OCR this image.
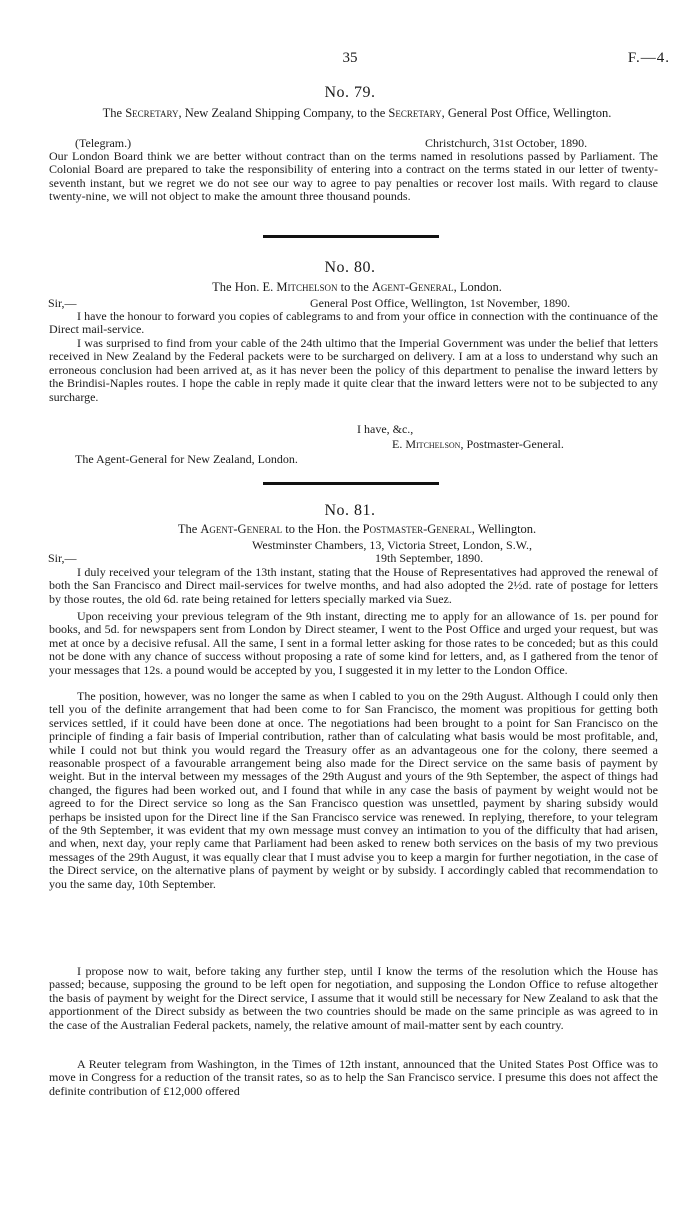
35	F.—4.
No. 79.
The Secretary, New Zealand Shipping Company, to the Secretary, General Post Office, Wellington.
(Telegram.)	Christchurch, 31st October, 1890.
Our London Board think we are better without contract than on the terms named in resolutions passed by Parliament. The Colonial Board are prepared to take the responsibility of entering into a contract on the terms stated in our letter of twenty-seventh instant, but we regret we do not see our way to agree to pay penalties or recover lost mails. With regard to clause twenty-nine, we will not object to make the amount three thousand pounds.
No. 80.
The Hon. E. Mitchelson to the Agent-General, London.
Sir,—	General Post Office, Wellington, 1st November, 1890.
I have the honour to forward you copies of cablegrams to and from your office in connection with the continuance of the Direct mail-service.
I was surprised to find from your cable of the 24th ultimo that the Imperial Government was under the belief that letters received in New Zealand by the Federal packets were to be surcharged on delivery. I am at a loss to understand why such an erroneous conclusion had been arrived at, as it has never been the policy of this department to penalise the inward letters by the Brindisi-Naples routes. I hope the cable in reply made it quite clear that the inward letters were not to be subjected to any surcharge.
I have, &c.,
E. Mitchelson, Postmaster-General.
The Agent-General for New Zealand, London.
No. 81.
The Agent-General to the Hon. the Postmaster-General, Wellington.
Westminster Chambers, 13, Victoria Street, London, S.W.,
19th September, 1890.
Sir,—
I duly received your telegram of the 13th instant, stating that the House of Representatives had approved the renewal of both the San Francisco and Direct mail-services for twelve months, and had also adopted the 2½d. rate of postage for letters by those routes, the old 6d. rate being retained for letters specially marked via Suez.
Upon receiving your previous telegram of the 9th instant, directing me to apply for an allowance of 1s. per pound for books, and 5d. for newspapers sent from London by Direct steamer, I went to the Post Office and urged your request, but was met at once by a decisive refusal. All the same, I sent in a formal letter asking for those rates to be conceded; but as this could not be done with any chance of success without proposing a rate of some kind for letters, and, as I gathered from the tenor of your messages that 12s. a pound would be accepted by you, I suggested it in my letter to the London Office.
The position, however, was no longer the same as when I cabled to you on the 29th August. Although I could only then tell you of the definite arrangement that had been come to for San Francisco, the moment was propitious for getting both services settled, if it could have been done at once. The negotiations had been brought to a point for San Francisco on the principle of finding a fair basis of Imperial contribution, rather than of calculating what basis would be most profitable, and, while I could not but think you would regard the Treasury offer as an advantageous one for the colony, there seemed a reasonable prospect of a favourable arrangement being also made for the Direct service on the same basis of payment by weight. But in the interval between my messages of the 29th August and yours of the 9th September, the aspect of things had changed, the figures had been worked out, and I found that while in any case the basis of payment by weight would not be agreed to for the Direct service so long as the San Francisco question was unsettled, payment by sharing subsidy would perhaps be insisted upon for the Direct line if the San Francisco service was renewed. In replying, therefore, to your telegram of the 9th September, it was evident that my own message must convey an intimation to you of the difficulty that had arisen, and when, next day, your reply came that Parliament had been asked to renew both services on the basis of my two previous messages of the 29th August, it was equally clear that I must advise you to keep a margin for further negotiation, in the case of the Direct service, on the alternative plans of payment by weight or by subsidy. I accordingly cabled that recommendation to you the same day, 10th September.
I propose now to wait, before taking any further step, until I know the terms of the resolution which the House has passed; because, supposing the ground to be left open for negotiation, and supposing the London Office to refuse altogether the basis of payment by weight for the Direct service, I assume that it would still be necessary for New Zealand to ask that the apportionment of the Direct subsidy as between the two countries should be made on the same principle as was agreed to in the case of the Australian Federal packets, namely, the relative amount of mail-matter sent by each country.
A Reuter telegram from Washington, in the Times of 12th instant, announced that the United States Post Office was to move in Congress for a reduction of the transit rates, so as to help the San Francisco service. I presume this does not affect the definite contribution of £12,000 offered
